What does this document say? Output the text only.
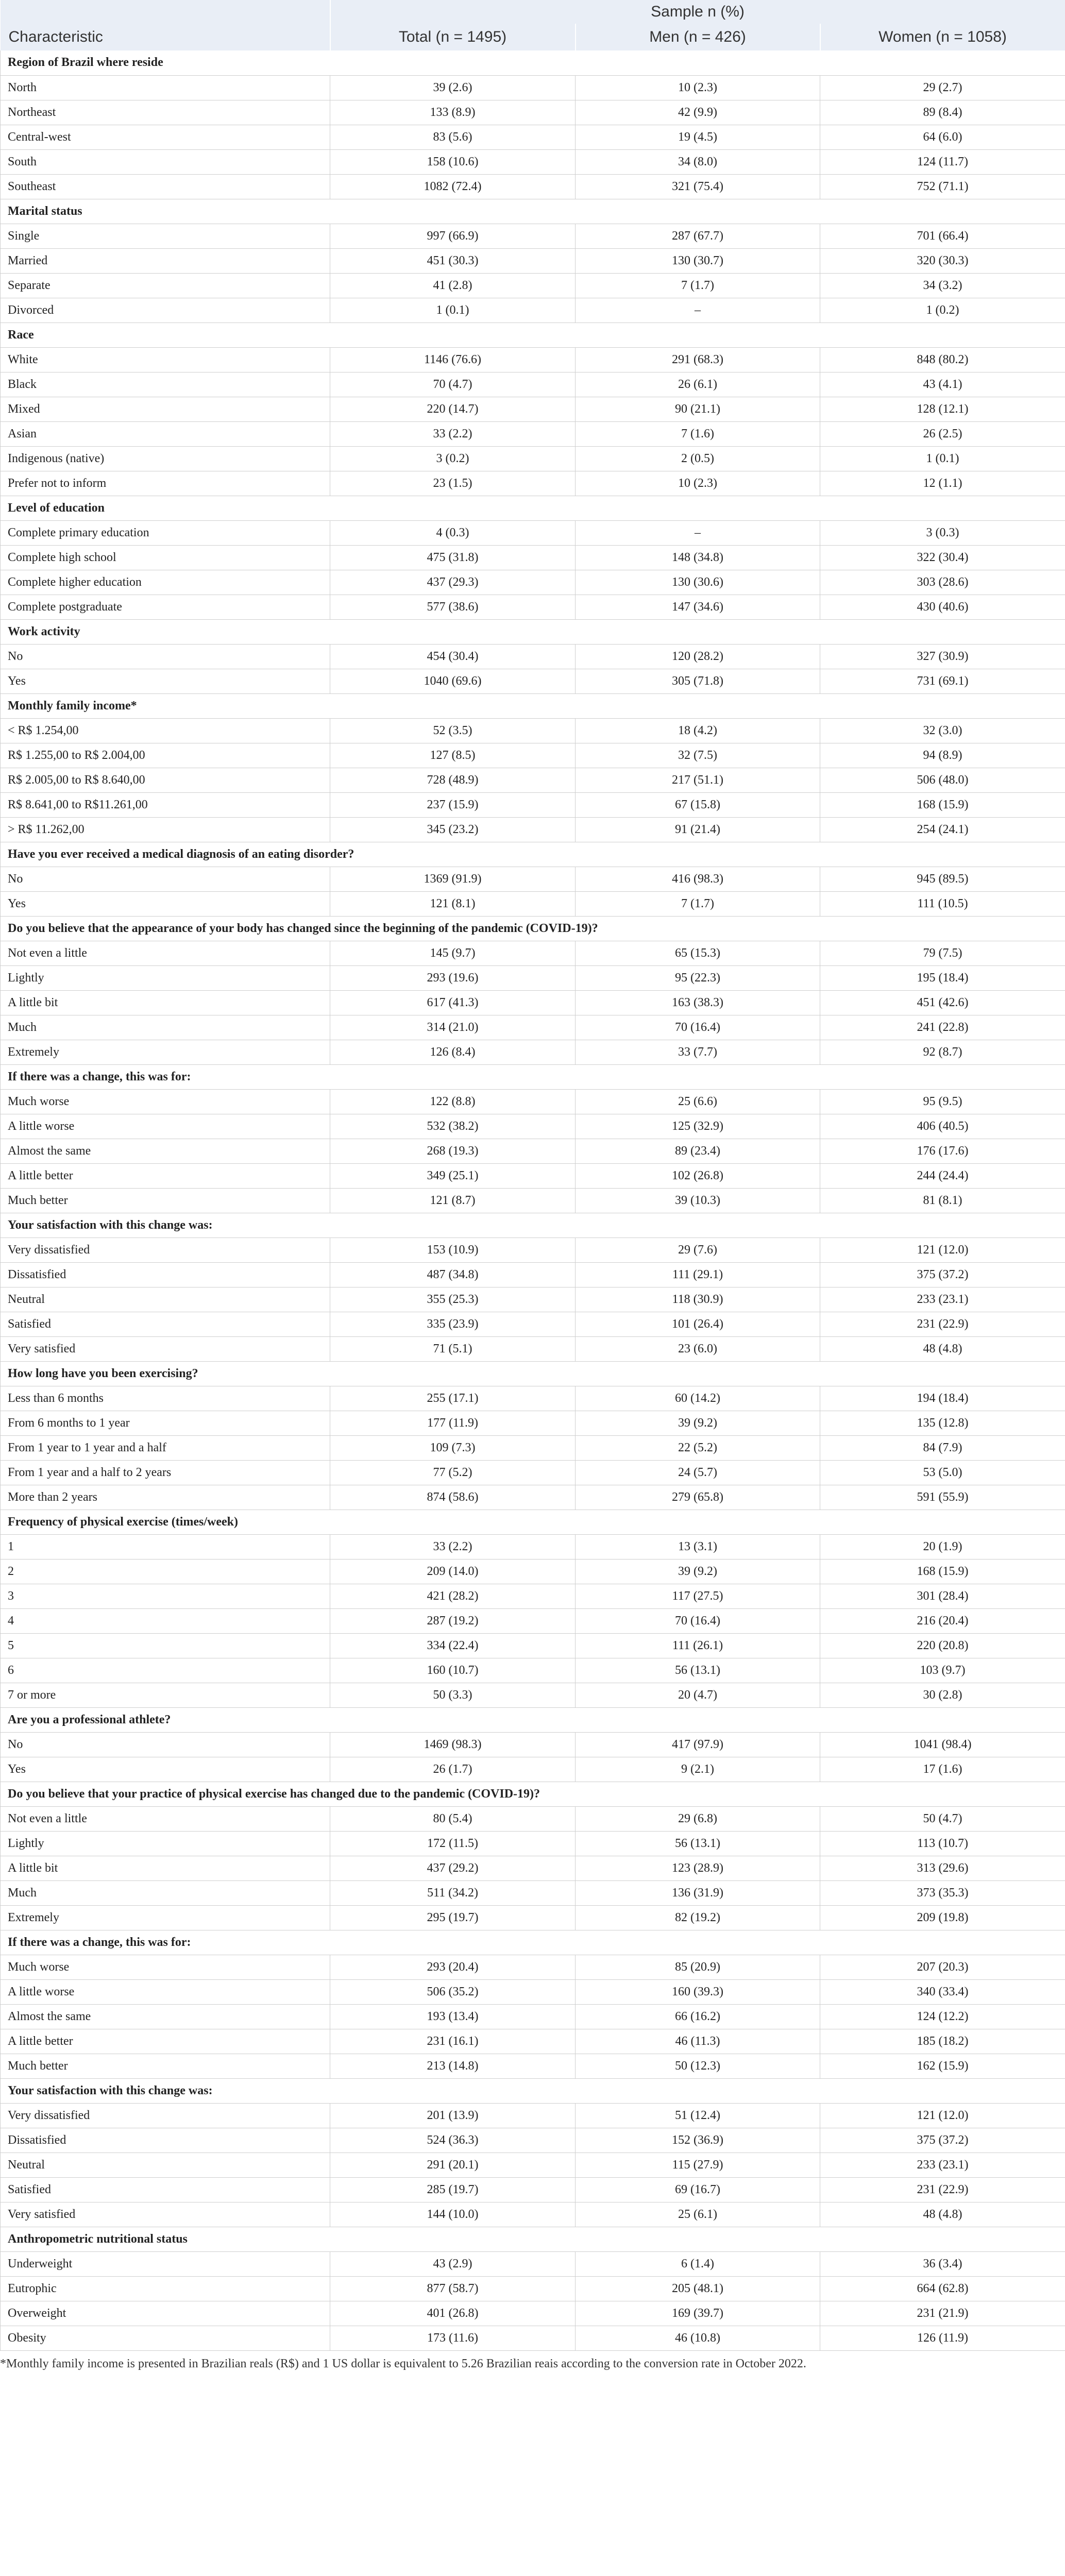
	Sample n (%)		
Characteristic	Total (n = 1495)	Men (n = 426)	Women (n = 1058)
Region of Brazil where reside			
North	39 (2.6)	10 (2.3)	29 (2.7)
Northeast	133 (8.9)	42 (9.9)	89 (8.4)
Central-west	83 (5.6)	19 (4.5)	64 (6.0)
South	158 (10.6)	34 (8.0)	124 (11.7)
Southeast	1082 (72.4)	321 (75.4)	752 (71.1)
Marital status			
Single	997 (66.9)	287 (67.7)	701 (66.4)
Married	451 (30.3)	130 (30.7)	320 (30.3)
Separate	41 (2.8)	7 (1.7)	34 (3.2)
Divorced	1 (0.1)	–	1 (0.2)
Race			
White	1146 (76.6)	291 (68.3)	848 (80.2)
Black	70 (4.7)	26 (6.1)	43 (4.1)
Mixed	220 (14.7)	90 (21.1)	128 (12.1)
Asian	33 (2.2)	7 (1.6)	26 (2.5)
Indigenous (native)	3 (0.2)	2 (0.5)	1 (0.1)
Prefer not to inform	23 (1.5)	10 (2.3)	12 (1.1)
Level of education			
Complete primary education	4 (0.3)	–	3 (0.3)
Complete high school	475 (31.8)	148 (34.8)	322 (30.4)
Complete higher education	437 (29.3)	130 (30.6)	303 (28.6)
Complete postgraduate	577 (38.6)	147 (34.6)	430 (40.6)
Work activity			
No	454 (30.4)	120 (28.2)	327 (30.9)
Yes	1040 (69.6)	305 (71.8)	731 (69.1)
Monthly family income*			
< R$ 1.254,00	52 (3.5)	18 (4.2)	32 (3.0)
R$ 1.255,00 to R$ 2.004,00	127 (8.5)	32 (7.5)	94 (8.9)
R$ 2.005,00 to R$ 8.640,00	728 (48.9)	217 (51.1)	506 (48.0)
R$ 8.641,00 to R$11.261,00	237 (15.9)	67 (15.8)	168 (15.9)
> R$ 11.262,00	345 (23.2)	91 (21.4)	254 (24.1)
Have you ever received a medical diagnosis of an eating disorder?			
No	1369 (91.9)	416 (98.3)	945 (89.5)
Yes	121 (8.1)	7 (1.7)	111 (10.5)
Do you believe that the appearance of your body has changed since the beginning of the pandemic (COVID-19)?			
Not even a little	145 (9.7)	65 (15.3)	79 (7.5)
Lightly	293 (19.6)	95 (22.3)	195 (18.4)
A little bit	617 (41.3)	163 (38.3)	451 (42.6)
Much	314 (21.0)	70 (16.4)	241 (22.8)
Extremely	126 (8.4)	33 (7.7)	92 (8.7)
If there was a change, this was for:			
Much worse	122 (8.8)	25 (6.6)	95 (9.5)
A little worse	532 (38.2)	125 (32.9)	406 (40.5)
Almost the same	268 (19.3)	89 (23.4)	176 (17.6)
A little better	349 (25.1)	102 (26.8)	244 (24.4)
Much better	121 (8.7)	39 (10.3)	81 (8.1)
Your satisfaction with this change was:			
Very dissatisfied	153 (10.9)	29 (7.6)	121 (12.0)
Dissatisfied	487 (34.8)	111 (29.1)	375 (37.2)
Neutral	355 (25.3)	118 (30.9)	233 (23.1)
Satisfied	335 (23.9)	101 (26.4)	231 (22.9)
Very satisfied	71 (5.1)	23 (6.0)	48 (4.8)
How long have you been exercising?			
Less than 6 months	255 (17.1)	60 (14.2)	194 (18.4)
From 6 months to 1 year	177 (11.9)	39 (9.2)	135 (12.8)
From 1 year to 1 year and a half	109 (7.3)	22 (5.2)	84 (7.9)
From 1 year and a half to 2 years	77 (5.2)	24 (5.7)	53 (5.0)
More than 2 years	874 (58.6)	279 (65.8)	591 (55.9)
Frequency of physical exercise (times/week)			
1	33 (2.2)	13 (3.1)	20 (1.9)
2	209 (14.0)	39 (9.2)	168 (15.9)
3	421 (28.2)	117 (27.5)	301 (28.4)
4	287 (19.2)	70 (16.4)	216 (20.4)
5	334 (22.4)	111 (26.1)	220 (20.8)
6	160 (10.7)	56 (13.1)	103 (9.7)
7 or more	50 (3.3)	20 (4.7)	30 (2.8)
Are you a professional athlete?			
No	1469 (98.3)	417 (97.9)	1041 (98.4)
Yes	26 (1.7)	9 (2.1)	17 (1.6)
Do you believe that your practice of physical exercise has changed due to the pandemic (COVID-19)?			
Not even a little	80 (5.4)	29 (6.8)	50 (4.7)
Lightly	172 (11.5)	56 (13.1)	113 (10.7)
A little bit	437 (29.2)	123 (28.9)	313 (29.6)
Much	511 (34.2)	136 (31.9)	373 (35.3)
Extremely	295 (19.7)	82 (19.2)	209 (19.8)
If there was a change, this was for:			
Much worse	293 (20.4)	85 (20.9)	207 (20.3)
A little worse	506 (35.2)	160 (39.3)	340 (33.4)
Almost the same	193 (13.4)	66 (16.2)	124 (12.2)
A little better	231 (16.1)	46 (11.3)	185 (18.2)
Much better	213 (14.8)	50 (12.3)	162 (15.9)
Your satisfaction with this change was:			
Very dissatisfied	201 (13.9)	51 (12.4)	121 (12.0)
Dissatisfied	524 (36.3)	152 (36.9)	375 (37.2)
Neutral	291 (20.1)	115 (27.9)	233 (23.1)
Satisfied	285 (19.7)	69 (16.7)	231 (22.9)
Very satisfied	144 (10.0)	25 (6.1)	48 (4.8)
Anthropometric nutritional status			
Underweight	43 (2.9)	6 (1.4)	36 (3.4)
Eutrophic	877 (58.7)	205 (48.1)	664 (62.8)
Overweight	401 (26.8)	169 (39.7)	231 (21.9)
Obesity	173 (11.6)	46 (10.8)	126 (11.9)
*Monthly family income is presented in Brazilian reals (R$) and 1 US dollar is equivalent to 5.26 Brazilian reais according to the conversion rate in October 2022.
